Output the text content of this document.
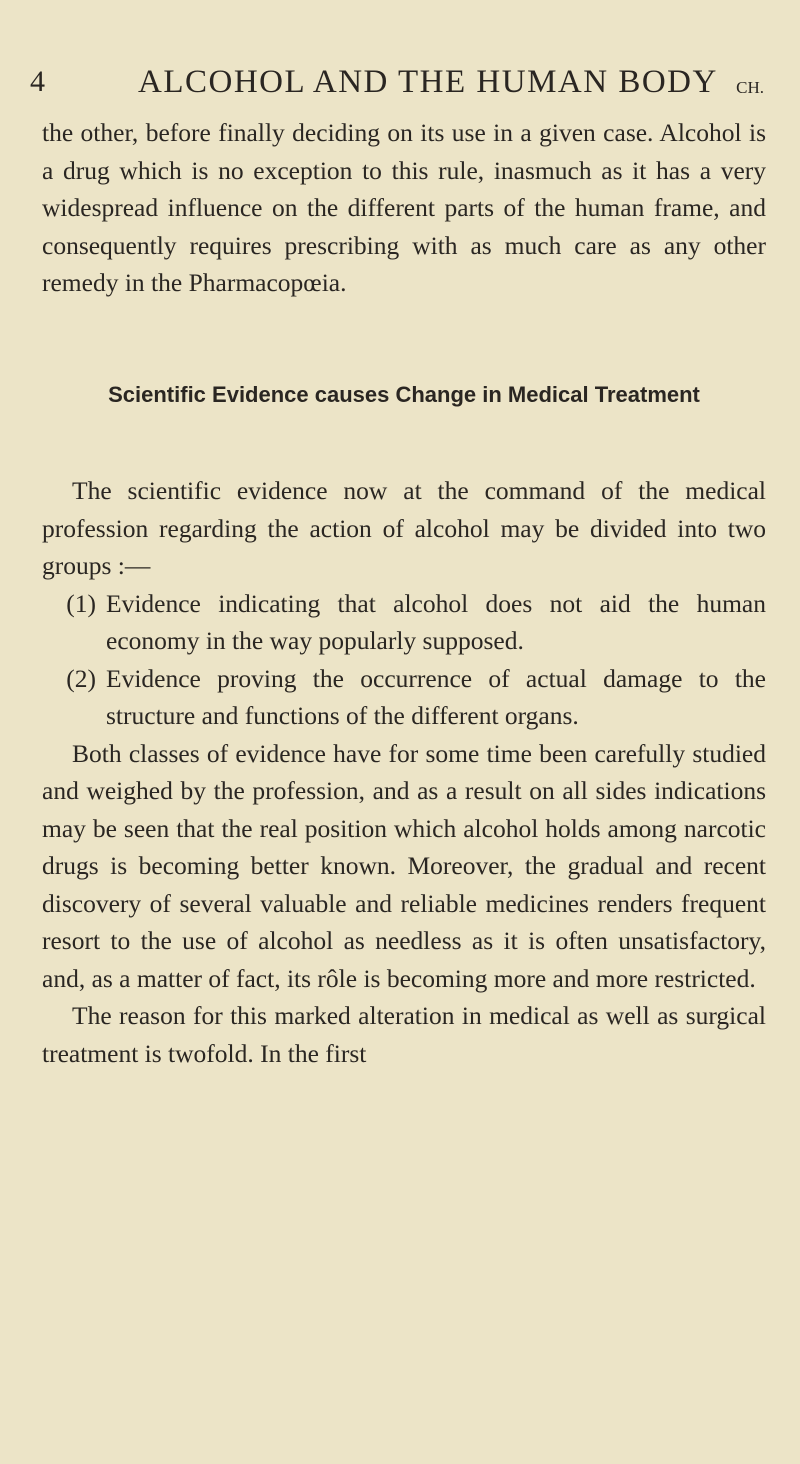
4	ALCOHOL AND THE HUMAN BODY CH.

the other, before finally deciding on its use in a given case. Alcohol is a drug which is no exception to this rule, inasmuch as it has a very widespread influence on the different parts of the human frame, and consequently requires prescribing with as much care as any other remedy in the Pharmacopœia.

Scientific Evidence causes Change in Medical Treatment

The scientific evidence now at the command of the medical profession regarding the action of alcohol may be divided into two groups :—

(1) Evidence indicating that alcohol does not aid the human economy in the way popularly supposed.
(2) Evidence proving the occurrence of actual damage to the structure and functions of the different organs.

Both classes of evidence have for some time been carefully studied and weighed by the profession, and as a result on all sides indications may be seen that the real position which alcohol holds among narcotic drugs is becoming better known. Moreover, the gradual and recent discovery of several valuable and reliable medicines renders frequent resort to the use of alcohol as needless as it is often unsatisfactory, and, as a matter of fact, its rôle is becoming more and more restricted.

The reason for this marked alteration in medical as well as surgical treatment is twofold. In the first
